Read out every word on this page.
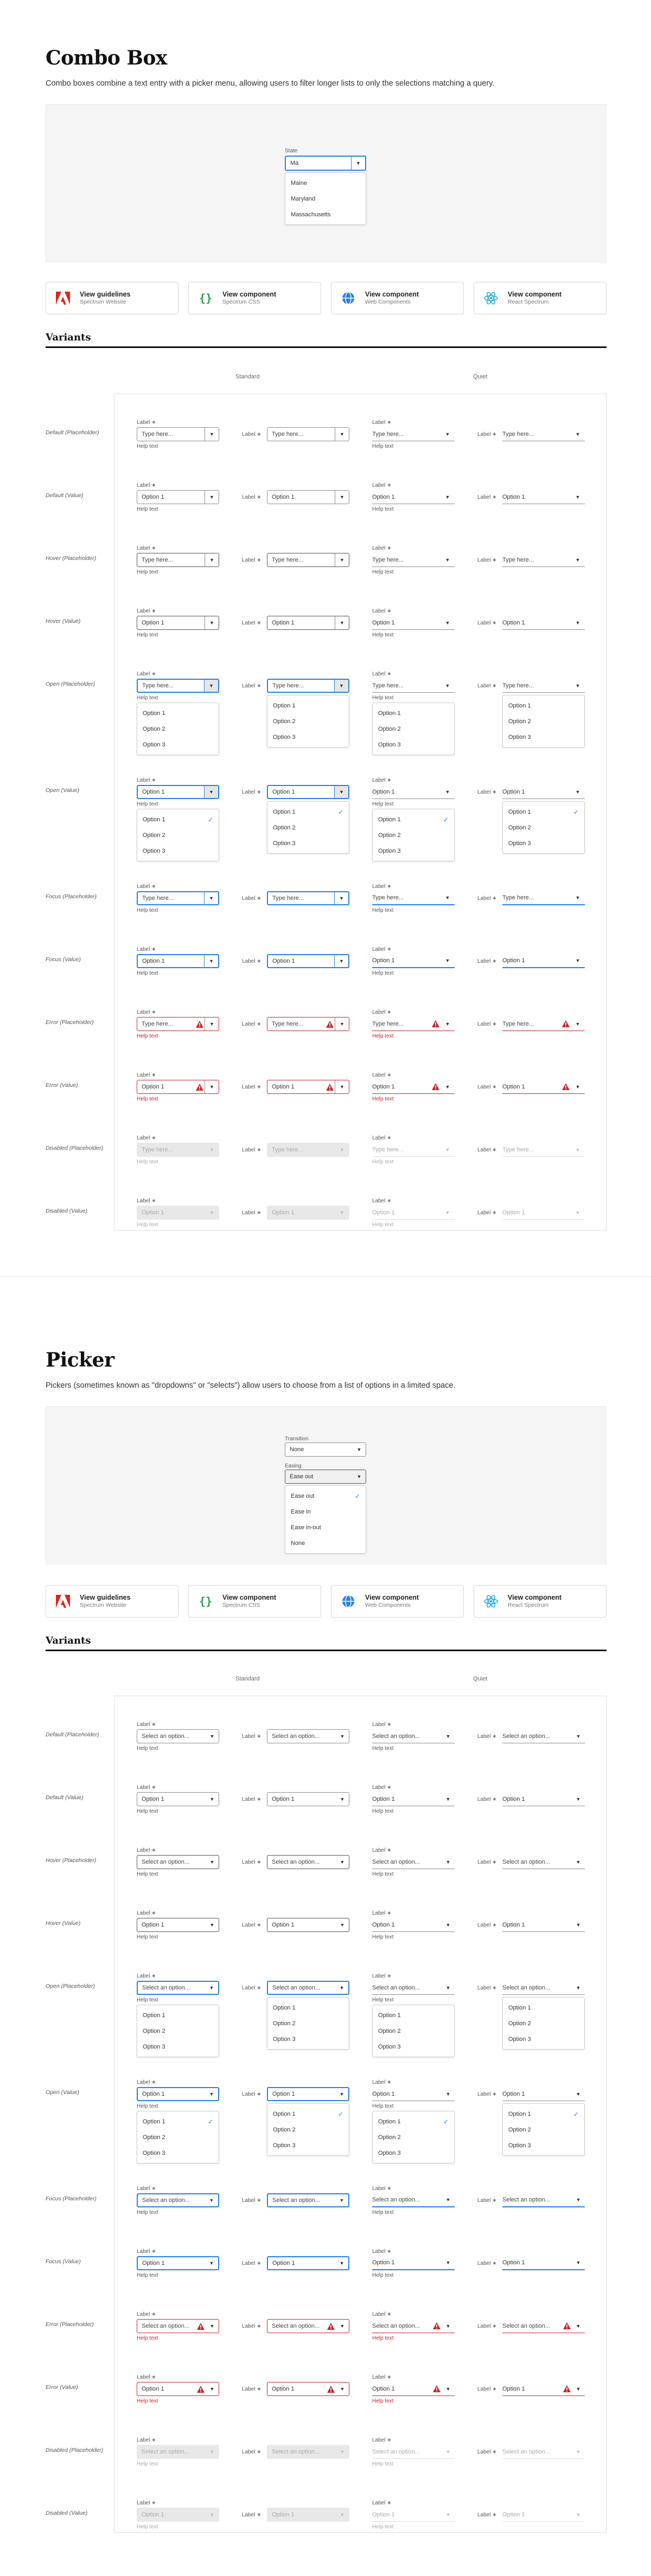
Combo Box
Combo boxes combine a text entry with a picker menu, allowing users to filter longer lists to only the selections matching a query.
State
Ma	▼
Maine
Maryland
Massachusetts
View guidelines
Spectrum Website	{} View component
Spectrum CSS
View component
Web Components
View component
React Spectrum
Variants
Standard	Quiet
Default (Placeholder)
Label ∗
Type here...	▼
Help text
Label ∗	Type here...	▼
Label ∗
Type here...	▼
Help text
Label ∗ Type here...	▼
Default (Value)
Label ∗
Option 1	▼
Help text
Label ∗	Option 1	▼
Label ∗
Option 1	▼
Help text
Label ∗ Option 1	▼
Hover (Placeholder)
Label ∗
Type here...	▼
Help text
Label ∗	Type here...	▼
Label ∗
Type here...	▼
Help text
Label ∗ Type here...	▼
Hover (Value)
Label ∗
Option 1	▼
Help text
Label ∗	Option 1	▼
Label ∗
Option 1	▼
Help text
Label ∗ Option 1	▼
Open (Placeholder)
Label ∗
Type here...	▼
Help text
Option 1
Option 2
Option 3
Label ∗	Type here...	▼
Option 1
Option 2
Option 3
Label ∗
Type here...	▼
Help text
Option 1
Option 2
Option 3
Label ∗ Type here...	▼
Option 1
Option 2
Option 3
Open (Value)
Label ∗
Option 1	▼
Help text
Option 1	✓
Option 2
Option 3
Label ∗	Option 1	▼
Option 1	✓
Option 2
Option 3
Label ∗
Option 1	▼
Help text
Option 1	✓
Option 2
Option 3
Label ∗ Option 1	▼
Option 1	✓
Option 2
Option 3
Focus (Placeholder)
Label ∗
Type here...	▼
Help text
Label ∗	Type here...	▼
Label ∗
Type here...	▼
Help text
Label ∗ Type here...	▼
Focus (Value)
Label ∗
Option 1	▼
Help text
Label ∗	Option 1	▼
Label ∗
Option 1	▼
Help text
Label ∗ Option 1	▼
Error (Placeholder)
Label ∗
Type here...	▼
Help text
Label ∗	Type here...	▼
Label ∗
Type here...	▼
Help text
Label ∗ Type here...	▼
Error (Value)
Label ∗
Option 1	▼
Help text
Label ∗	Option 1	▼
Label ∗
Option 1	▼
Help text
Label ∗ Option 1	▼
Disabled (Placeholder)
Label ∗
Type here...	▼
Help text
Label ∗	Type here...	▼
Label ∗
Type here...	▼
Help text
Label ∗ Type here...	▼
Disabled (Value)
Label ∗
Option 1	▼
Help text
Label ∗	Option 1	▼
Label ∗
Option 1	▼
Help text
Label ∗ Option 1	▼
Picker
Pickers (sometimes known as "dropdowns" or "selects") allow users to choose from a list of options in a limited space.
Transition
None	▼
Easing
Ease out	▼
Ease out	✓
Ease in
Ease in-out
None
View guidelines
Spectrum Website	{} View component
Spectrum CSS
View component
Web Components
View component
React Spectrum
Variants
Standard	Quiet
Default (Placeholder)
Label ∗
Select an option...	▼
Help text
Label ∗	Select an option...	▼
Label ∗
Select an option...	▼
Help text
Label ∗ Select an option...	▼
Default (Value)
Label ∗
Option 1	▼
Help text
Label ∗	Option 1	▼
Label ∗
Option 1	▼
Help text
Label ∗ Option 1	▼
Hover (Placeholder)
Label ∗
Select an option...	▼
Help text
Label ∗	Select an option...	▼
Label ∗
Select an option...	▼
Help text
Label ∗ Select an option...	▼
Hover (Value)
Label ∗
Option 1	▼
Help text
Label ∗	Option 1	▼
Label ∗
Option 1	▼
Help text
Label ∗ Option 1	▼
Open (Placeholder)
Label ∗
Select an option...	▼
Help text
Option 1
Option 2
Option 3
Label ∗	Select an option...	▼
Option 1
Option 2
Option 3
Label ∗
Select an option...	▼
Help text
Option 1
Option 2
Option 3
Label ∗ Select an option...	▼
Option 1
Option 2
Option 3
Open (Value)
Label ∗
Option 1	▼
Help text
Option 1	✓
Option 2
Option 3
Label ∗	Option 1	▼
Option 1	✓
Option 2
Option 3
Label ∗
Option 1	▼
Help text
Option 1	✓
Option 2
Option 3
Label ∗ Option 1	▼
Option 1	✓
Option 2
Option 3
Focus (Placeholder)
Label ∗
Select an option...	▼
Help text
Label ∗	Select an option...	▼
Label ∗
Select an option...	▼
Help text
Label ∗ Select an option...	▼
Focus (Value)
Label ∗
Option 1	▼
Help text
Label ∗	Option 1	▼
Label ∗
Option 1	▼
Help text
Label ∗ Option 1	▼
Error (Placeholder)
Label ∗
Select an option...	▼
Help text
Label ∗	Select an option...	▼
Label ∗
Select an option...	▼
Help text
Label ∗ Select an option...	▼
Error (Value)
Label ∗
Option 1	▼
Help text
Label ∗	Option 1	▼
Label ∗
Option 1	▼
Help text
Label ∗ Option 1	▼
Disabled (Placeholder)
Label ∗
Select an option...	▼
Help text
Label ∗	Select an option...	▼
Label ∗
Select an option...	▼
Help text
Label ∗ Select an option...	▼
Disabled (Value)
Label ∗
Option 1	▼
Help text
Label ∗	Option 1	▼
Label ∗
Option 1	▼
Help text
Label ∗ Option 1	▼
